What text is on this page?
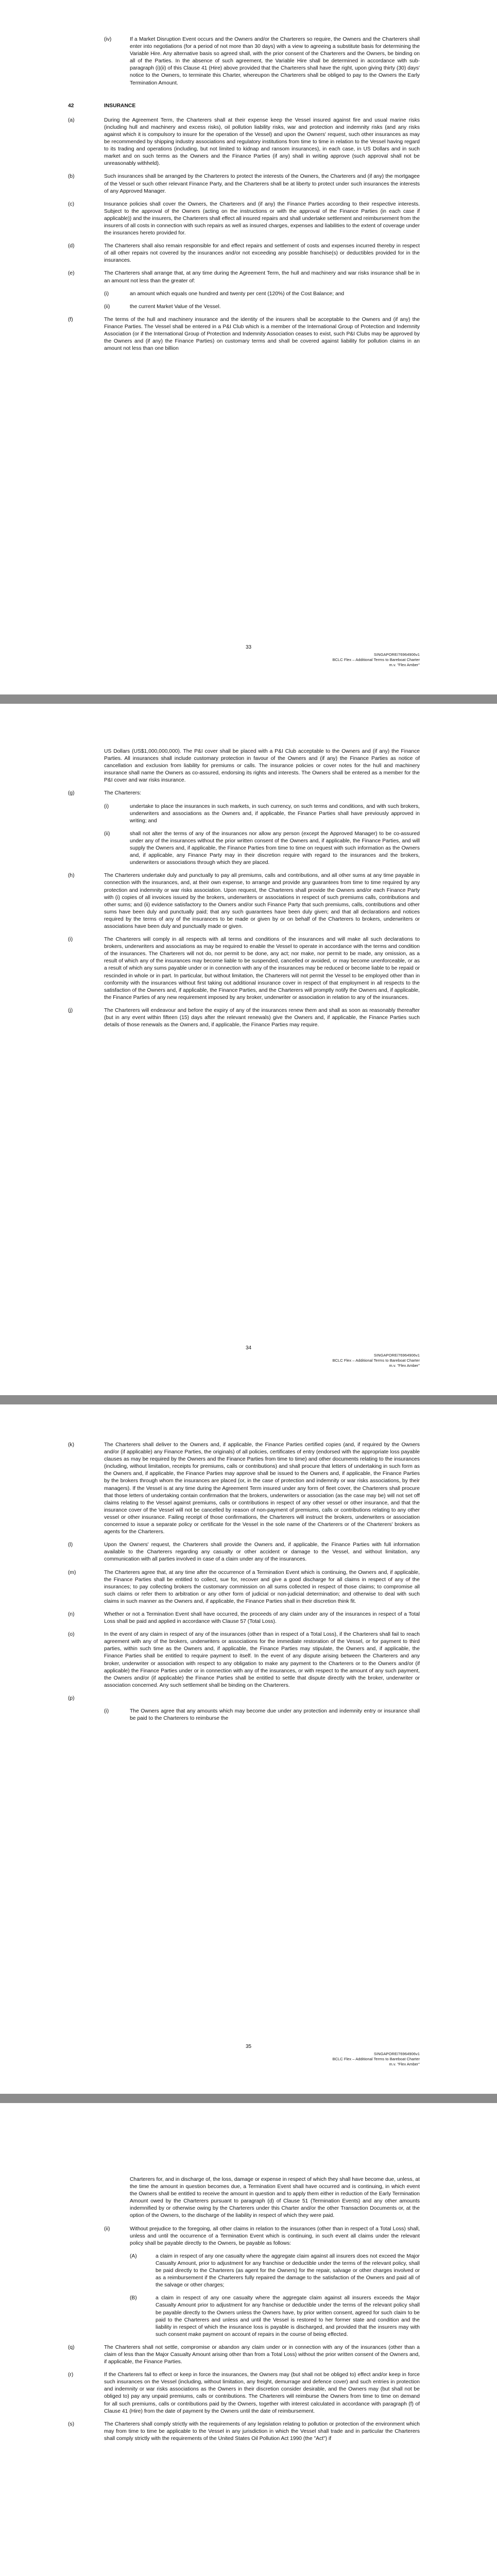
(iv)	If a Market Disruption Event occurs and the Owners and/or the Charterers so require, the Owners and the Charterers shall enter into negotiations (for a period of not more than 30 days) with a view to agreeing a substitute basis for determining the Variable Hire. Any alternative basis so agreed shall, with the prior consent of the Charterers and the Owners, be binding on all of the Parties. In the absence of such agreement, the Variable Hire shall be determined in accordance with sub-paragraph (i)(ii) of this Clause 41 (Hire) above provided that the Charterers shall have the right, upon giving thirty (30) days' notice to the Owners, to terminate this Charter, whereupon the Charterers shall be obliged to pay to the Owners the Early Termination Amount.
42	INSURANCE
(a)	During the Agreement Term, the Charterers shall at their expense keep the Vessel insured against fire and usual marine risks (including hull and machinery and excess risks), oil pollution liability risks, war and protection and indemnity risks (and any risks against which it is compulsory to insure for the operation of the Vessel) and upon the Owners' request, such other insurances as may be recommended by shipping industry associations and regulatory institutions from time to time in relation to the Vessel having regard to its trading and operations (including, but not limited to kidnap and ransom insurances), in each case, in US Dollars and in such market and on such terms as the Owners and the Finance Parties (if any) shall in writing approve (such approval shall not be unreasonably withheld).
(b)	Such insurances shall be arranged by the Charterers to protect the interests of the Owners, the Charterers and (if any) the mortgagee of the Vessel or such other relevant Finance Party, and the Charterers shall be at liberty to protect under such insurances the interests of any Approved Manager.
(c)	Insurance policies shall cover the Owners, the Charterers and (if any) the Finance Parties according to their respective interests. Subject to the approval of the Owners (acting on the instructions or with the approval of the Finance Parties (in each case if applicable)) and the insurers, the Charterers shall effect all insured repairs and shall undertake settlement and reimbursement from the insurers of all costs in connection with such repairs as well as insured charges, expenses and liabilities to the extent of coverage under the insurances hereto provided for.
(d)	The Charterers shall also remain responsible for and effect repairs and settlement of costs and expenses incurred thereby in respect of all other repairs not covered by the insurances and/or not exceeding any possible franchise(s) or deductibles provided for in the insurances.
(e)	The Charterers shall arrange that, at any time during the Agreement Term, the hull and machinery and war risks insurance shall be in an amount not less than the greater of:
(i)	an amount which equals one hundred and twenty per cent (120%) of the Cost Balance; and
(ii)	the current Market Value of the Vessel.
(f)	The terms of the hull and machinery insurance and the identity of the insurers shall be acceptable to the Owners and (if any) the Finance Parties. The Vessel shall be entered in a P&I Club which is a member of the International Group of Protection and Indemnity Association (or if the International Group of Protection and Indemnity Association ceases to exist, such P&I Clubs may be approved by the Owners and (if any) the Finance Parties) on customary terms and shall be covered against liability for pollution claims in an amount not less than one billion
33
SINGAPORE/76964906v1
BCLC Flex – Additional Terms to Bareboat Charter
m.v. "Flex Amber"
US Dollars (US$1,000,000,000). The P&I cover shall be placed with a P&I Club acceptable to the Owners and (if any) the Finance Parties. All insurances shall include customary protection in favour of the Owners and (if any) the Finance Parties as notice of cancellation and exclusion from liability for premiums or calls. The insurance policies or cover notes for the hull and machinery insurance shall name the Owners as co-assured, endorsing its rights and interests. The Owners shall be entered as a member for the P&I cover and war risks insurance.
(g)	The Charterers:
(i)	undertake to place the insurances in such markets, in such currency, on such terms and conditions, and with such brokers, underwriters and associations as the Owners and, if applicable, the Finance Parties shall have previously approved in writing; and
(ii)	shall not alter the terms of any of the insurances nor allow any person (except the Approved Manager) to be co-assured under any of the insurances without the prior written consent of the Owners and, if applicable, the Finance Parties, and will supply the Owners and, if applicable, the Finance Parties from time to time on request with such information as the Owners and, if applicable, any Finance Party may in their discretion require with regard to the insurances and the brokers, underwriters or associations through which they are placed.
(h)	The Charterers undertake duly and punctually to pay all premiums, calls and contributions, and all other sums at any time payable in connection with the insurances, and, at their own expense, to arrange and provide any guarantees from time to time required by any protection and indemnity or war risks association. Upon request, the Charterers shall provide the Owners and/or each Finance Party with (i) copies of all invoices issued by the brokers, underwriters or associations in respect of such premiums calls, contributions and other sums; and (ii) evidence satisfactory to the Owners and/or such Finance Party that such premiums, calls, contributions and other sums have been duly and punctually paid; that any such guarantees have been duly given; and that all declarations and notices required by the terms of any of the insurances to be made or given by or on behalf of the Charterers to brokers, underwriters or associations have been duly and punctually made or given.
(i)	The Charterers will comply in all respects with all terms and conditions of the insurances and will make all such declarations to brokers, underwriters and associations as may be required to enable the Vessel to operate in accordance with the terms and condition of the insurances. The Charterers will not do, nor permit to be done, any act; nor make, nor permit to be made, any omission, as a result of which any of the insurances may become liable to be suspended, cancelled or avoided, or may become unenforceable, or as a result of which any sums payable under or in connection with any of the insurances may be reduced or become liable to be repaid or rescinded in whole or in part. In particular, but without limitation, the Charterers will not permit the Vessel to be employed other than in conformity with the insurances without first taking out additional insurance cover in respect of that employment in all respects to the satisfaction of the Owners and, if applicable, the Finance Parties, and the Charterers will promptly notify the Owners and, if applicable, the Finance Parties of any new requirement imposed by any broker, underwriter or association in relation to any of the insurances.
(j)	The Charterers will endeavour and before the expiry of any of the insurances renew them and shall as soon as reasonably thereafter (but in any event within fifteen (15) days after the relevant renewals) give the Owners and, if applicable, the Finance Parties such details of those renewals as the Owners and, if applicable, the Finance Parties may require.
34
SINGAPORE/76964906v1
BCLC Flex – Additional Terms to Bareboat Charter
m.v. "Flex Amber"
(k)	The Charterers shall deliver to the Owners and, if applicable, the Finance Parties certified copies (and, if required by the Owners and/or (if applicable) any Finance Parties, the originals) of all policies, certificates of entry (endorsed with the appropriate loss payable clauses as may be required by the Owners and the Finance Parties from time to time) and other documents relating to the insurances (including, without limitation, receipts for premiums, calls or contributions) and shall procure that letters of undertaking in such form as the Owners and, if applicable, the Finance Parties may approve shall be issued to the Owners and, if applicable, the Finance Parties by the brokers through whom the insurances are placed (or, in the case of protection and indemnity or war risks associations, by their managers). If the Vessel is at any time during the Agreement Term insured under any form of fleet cover, the Charterers shall procure that those letters of undertaking contain confirmation that the brokers, underwriters or association (as the case may be) will not set off claims relating to the Vessel against premiums, calls or contributions in respect of any other vessel or other insurance, and that the insurance cover of the Vessel will not be cancelled by reason of non-payment of premiums, calls or contributions relating to any other vessel or other insurance. Failing receipt of those confirmations, the Charterers will instruct the brokers, underwriters or association concerned to issue a separate policy or certificate for the Vessel in the sole name of the Charterers or of the Charterers' brokers as agents for the Charterers.
(l)	Upon the Owners' request, the Charterers shall provide the Owners and, if applicable, the Finance Parties with full information available to the Charterers regarding any casualty or other accident or damage to the Vessel, and without limitation, any communication with all parties involved in case of a claim under any of the insurances.
(m)	The Charterers agree that, at any time after the occurrence of a Termination Event which is continuing, the Owners and, if applicable, the Finance Parties shall be entitled to collect, sue for, recover and give a good discharge for all claims in respect of any of the insurances; to pay collecting brokers the customary commission on all sums collected in respect of those claims; to compromise all such claims or refer them to arbitration or any other form of judicial or non-judicial determination; and otherwise to deal with such claims in such manner as the Owners and, if applicable, the Finance Parties shall in their discretion think fit.
(n)	Whether or not a Termination Event shall have occurred, the proceeds of any claim under any of the insurances in respect of a Total Loss shall be paid and applied in accordance with Clause 57 (Total Loss).
(o)	In the event of any claim in respect of any of the insurances (other than in respect of a Total Loss), if the Charterers shall fail to reach agreement with any of the brokers, underwriters or associations for the immediate restoration of the Vessel, or for payment to third parties, within such time as the Owners and, if applicable, the Finance Parties may stipulate, the Owners and, if applicable, the Finance Parties shall be entitled to require payment to itself. In the event of any dispute arising between the Charterers and any broker, underwriter or association with respect to any obligation to make any payment to the Charterers or to the Owners and/or (if applicable) the Finance Parties under or in connection with any of the insurances, or with respect to the amount of any such payment, the Owners and/or (if applicable) the Finance Parties shall be entitled to settle that dispute directly with the broker, underwriter or association concerned. Any such settlement shall be binding on the Charterers.
(p)
(i)	The Owners agree that any amounts which may become due under any protection and indemnity entry or insurance shall be paid to the Charterers to reimburse the
35
SINGAPORE/76964906v1
BCLC Flex – Additional Terms to Bareboat Charter
m.v. "Flex Amber"
Charterers for, and in discharge of, the loss, damage or expense in respect of which they shall have become due, unless, at the time the amount in question becomes due, a Termination Event shall have occurred and is continuing, in which event the Owners shall be entitled to receive the amount in question and to apply them either in reduction of the Early Termination Amount owed by the Charterers pursuant to paragraph (d) of Clause 51 (Termination Events) and any other amounts indemnified by or otherwise owing by the Charterers under this Charter and/or the other Transaction Documents or, at the option of the Owners, to the discharge of the liability in respect of which they were paid.
(ii)	Without prejudice to the foregoing, all other claims in relation to the insurances (other than in respect of a Total Loss) shall, unless and until the occurrence of a Termination Event which is continuing, in such event all claims under the relevant policy shall be payable directly to the Owners, be payable as follows:
(A)	a claim in respect of any one casualty where the aggregate claim against all insurers does not exceed the Major Casualty Amount, prior to adjustment for any franchise or deductible under the terms of the relevant policy, shall be paid directly to the Charterers (as agent for the Owners) for the repair, salvage or other charges involved or as a reimbursement if the Charterers fully repaired the damage to the satisfaction of the Owners and paid all of the salvage or other charges;
(B)	a claim in respect of any one casualty where the aggregate claim against all insurers exceeds the Major Casualty Amount prior to adjustment for any franchise or deductible under the terms of the relevant policy shall be payable directly to the Owners unless the Owners have, by prior written consent, agreed for such claim to be paid to the Charterers and unless and until the Vessel is restored to her former state and condition and the liability in respect of which the insurance loss is payable is discharged, and provided that the insurers may with such consent make payment on account of repairs in the course of being effected.
(q)	The Charterers shall not settle, compromise or abandon any claim under or in connection with any of the insurances (other than a claim of less than the Major Casualty Amount arising other than from a Total Loss) without the prior written consent of the Owners and, if applicable, the Finance Parties.
(r)	If the Charterers fail to effect or keep in force the insurances, the Owners may (but shall not be obliged to) effect and/or keep in force such insurances on the Vessel (including, without limitation, any freight, demurrage and defence cover) and such entries in protection and indemnity or war risks associations as the Owners in their discretion consider desirable, and the Owners may (but shall not be obliged to) pay any unpaid premiums, calls or contributions. The Charterers will reimburse the Owners from time to time on demand for all such premiums, calls or contributions paid by the Owners, together with interest calculated in accordance with paragraph (f) of Clause 41 (Hire) from the date of payment by the Owners until the date of reimbursement.
(s)	The Charterers shall comply strictly with the requirements of any legislation relating to pollution or protection of the environment which may from time to time be applicable to the Vessel in any jurisdiction in which the Vessel shall trade and in particular the Charterers shall comply strictly with the requirements of the United States Oil Pollution Act 1990 (the "Act") if
